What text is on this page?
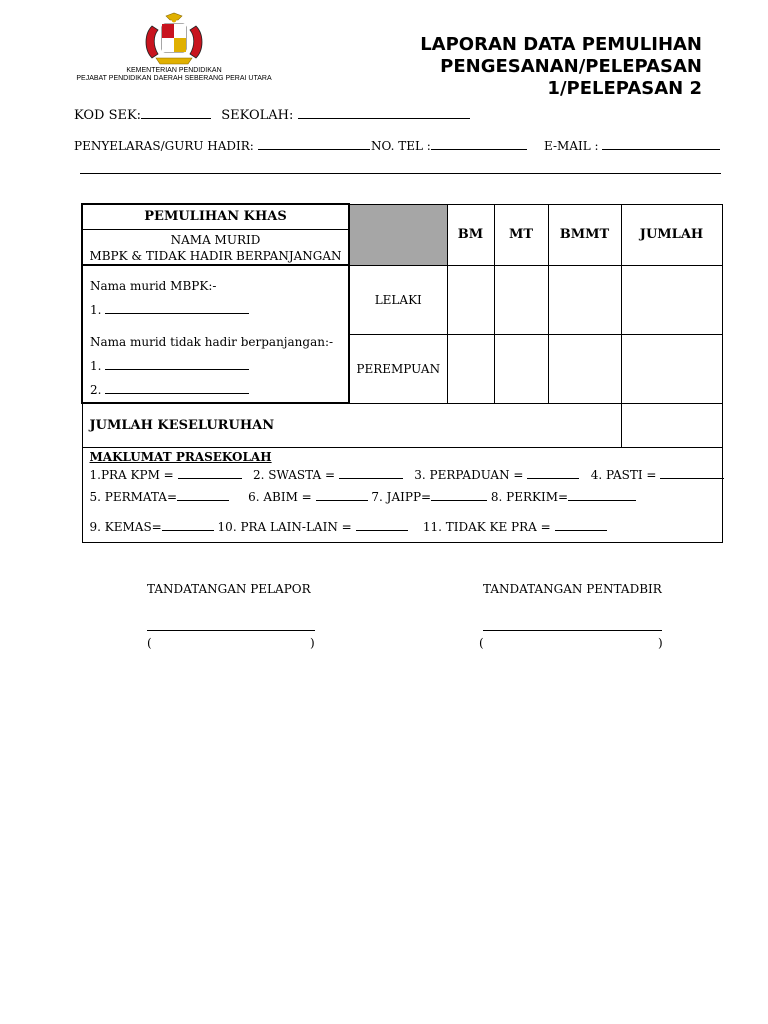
KEMENTERIAN PENDIDIKAN
PEJABAT PENDIDIKAN DAERAH SEBERANG PERAI UTARA
LAPORAN DATA PEMULIHAN
PENGESANAN/PELEPASAN
1/PELEPASAN 2
KOD SEK:	SEKOLAH:
PENYELARAS/GURU HADIR:	NO. TEL :	E-MAIL :
PEMULIHAN KHAS
NAMA MURID
MBPK & TIDAK HADIR BERPANJANGAN		BM	MT	BMMT	JUMLAH

Nama murid MBPK:-
1.
Nama murid tidak hadir berpanjangan:-
1.
2.	LELAKI				
	PEREMPUAN				
JUMLAH KESELURUHAN					

MAKLUMAT PRASEKOLAH
1.PRA KPM = 2. SWASTA = 3. PERPADUAN = 4. PASTI =
5. PERMATA= 6. ABIM = 7. JAIPP= 8. PERKIM=
9. KEMAS= 10. PRA LAIN-LAIN = 11. TIDAK KE PRA =					
TANDATANGAN PELAPOR	TANDATANGAN PENTADBIR
(	)	(	)
